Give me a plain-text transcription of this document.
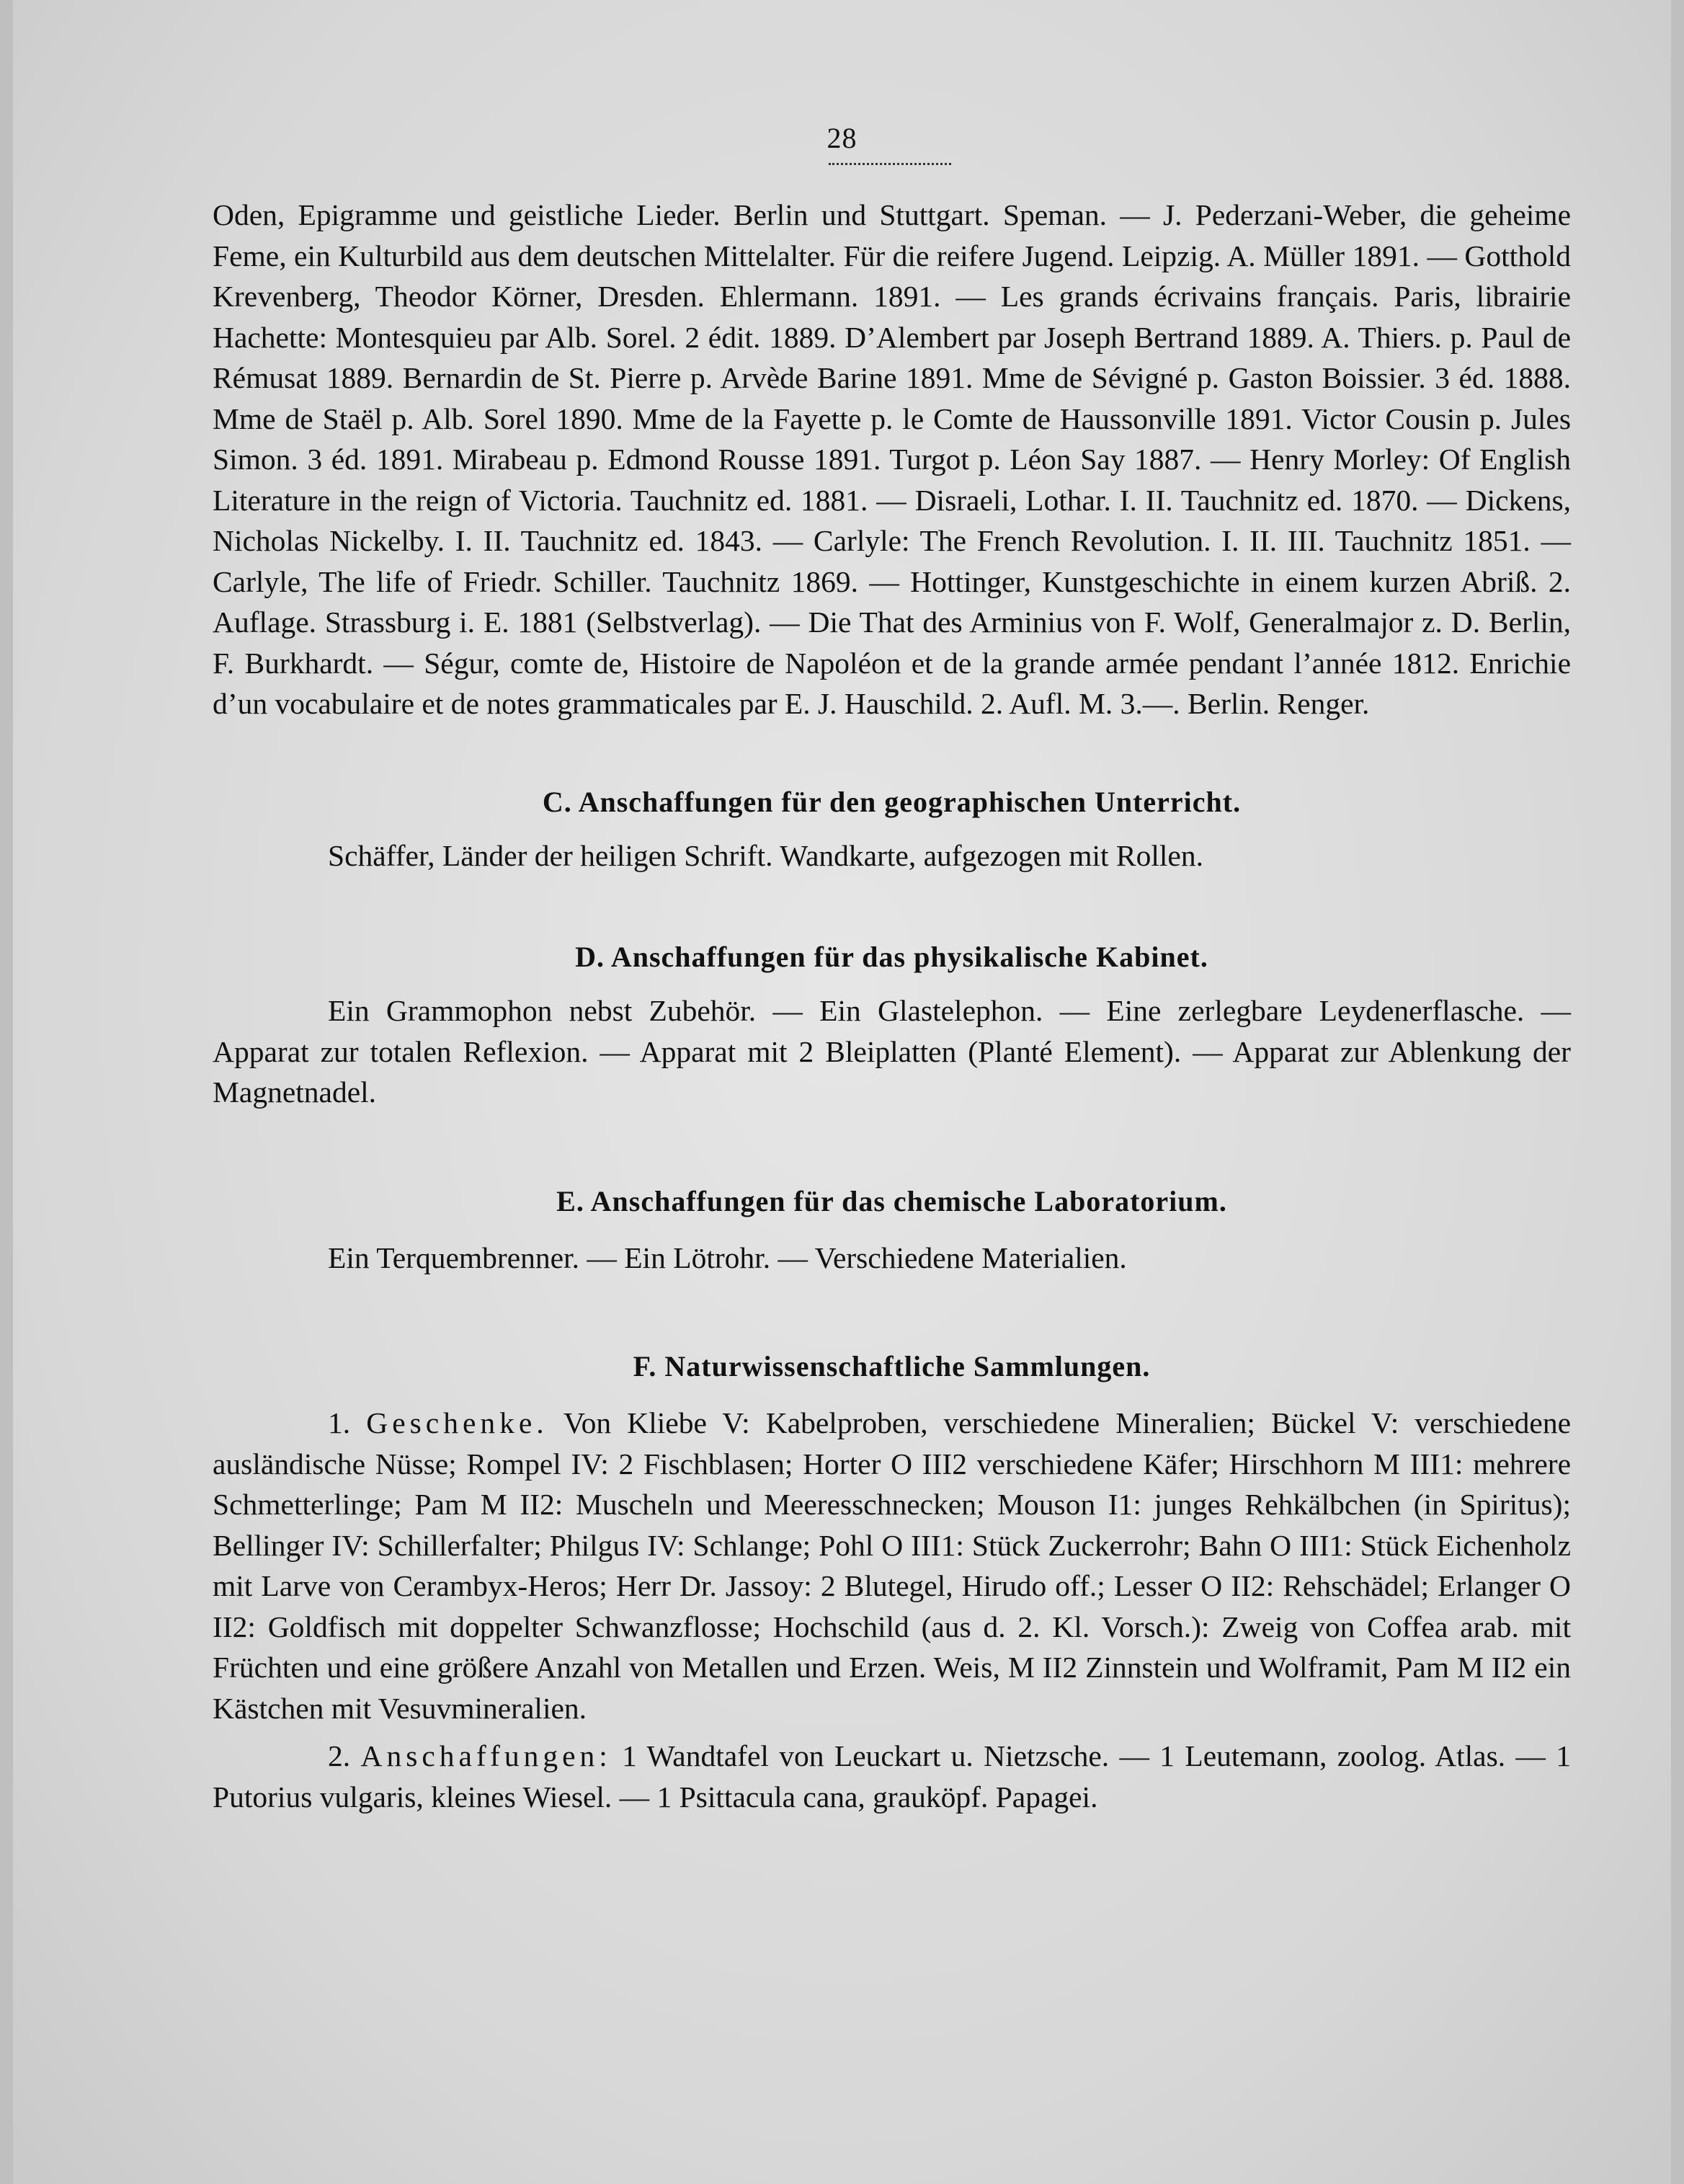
28

Oden, Epigramme und geistliche Lieder. Berlin und Stuttgart. Speman. — J. Pederzani-Weber, die geheime Feme, ein Kulturbild aus dem deutschen Mittelalter. Für die reifere Jugend. Leipzig. A. Müller 1891. — Gotthold Krevenberg, Theodor Körner, Dresden. Ehlermann. 1891. — Les grands écrivains français. Paris, librairie Hachette: Montesquieu par Alb. Sorel. 2 édit. 1889. D’Alembert par Joseph Bertrand 1889. A. Thiers. p. Paul de Rémusat 1889. Bernardin de St. Pierre p. Arvède Barine 1891. Mme de Sévigné p. Gaston Boissier. 3 éd. 1888. Mme de Staël p. Alb. Sorel 1890. Mme de la Fayette p. le Comte de Haussonville 1891. Victor Cousin p. Jules Simon. 3 éd. 1891. Mirabeau p. Edmond Rousse 1891. Turgot p. Léon Say 1887. — Henry Morley: Of English Literature in the reign of Victoria. Tauchnitz ed. 1881. — Disraeli, Lothar. I. II. Tauchnitz ed. 1870. — Dickens, Nicholas Nickelby. I. II. Tauchnitz ed. 1843. — Carlyle: The French Revolution. I. II. III. Tauchnitz 1851. — Carlyle, The life of Friedr. Schiller. Tauchnitz 1869. — Hottinger, Kunstgeschichte in einem kurzen Abriß. 2. Auflage. Strassburg i. E. 1881 (Selbstverlag). — Die That des Arminius von F. Wolf, Generalmajor z. D. Berlin, F. Burkhardt. — Ségur, comte de, Histoire de Napoléon et de la grande armée pendant l’année 1812. Enrichie d’un vocabulaire et de notes grammaticales par E. J. Hauschild. 2. Aufl. M. 3.—. Berlin. Renger.

C. Anschaffungen für den geographischen Unterricht.

Schäffer, Länder der heiligen Schrift. Wandkarte, aufgezogen mit Rollen.

D. Anschaffungen für das physikalische Kabinet.

Ein Grammophon nebst Zubehör. — Ein Glastelephon. — Eine zerlegbare Leydenerflasche. — Apparat zur totalen Reflexion. — Apparat mit 2 Bleiplatten (Planté Element). — Apparat zur Ablenkung der Magnetnadel.

E. Anschaffungen für das chemische Laboratorium.

Ein Terquembrenner. — Ein Lötrohr. — Verschiedene Materialien.

F. Naturwissenschaftliche Sammlungen.

1. Geschenke. Von Kliebe V: Kabelproben, verschiedene Mineralien; Bückel V: verschiedene ausländische Nüsse; Rompel IV: 2 Fischblasen; Horter O III2 verschiedene Käfer; Hirschhorn M III1: mehrere Schmetterlinge; Pam M II2: Muscheln und Meeresschnecken; Mouson I1: junges Rehkälbchen (in Spiritus); Bellinger IV: Schillerfalter; Philgus IV: Schlange; Pohl O III1: Stück Zuckerrohr; Bahn O III1: Stück Eichenholz mit Larve von Cerambyx-Heros; Herr Dr. Jassoy: 2 Blutegel, Hirudo off.; Lesser O II2: Rehschädel; Erlanger O II2: Goldfisch mit doppelter Schwanzflosse; Hochschild (aus d. 2. Kl. Vorsch.): Zweig von Coffea arab. mit Früchten und eine größere Anzahl von Metallen und Erzen. Weis, M II2 Zinnstein und Wolframit, Pam M II2 ein Kästchen mit Vesuvmineralien.

2. Anschaffungen: 1 Wandtafel von Leuckart u. Nietzsche. — 1 Leutemann, zoolog. Atlas. — 1 Putorius vulgaris, kleines Wiesel. — 1 Psittacula cana, grauköpf. Papagei.
